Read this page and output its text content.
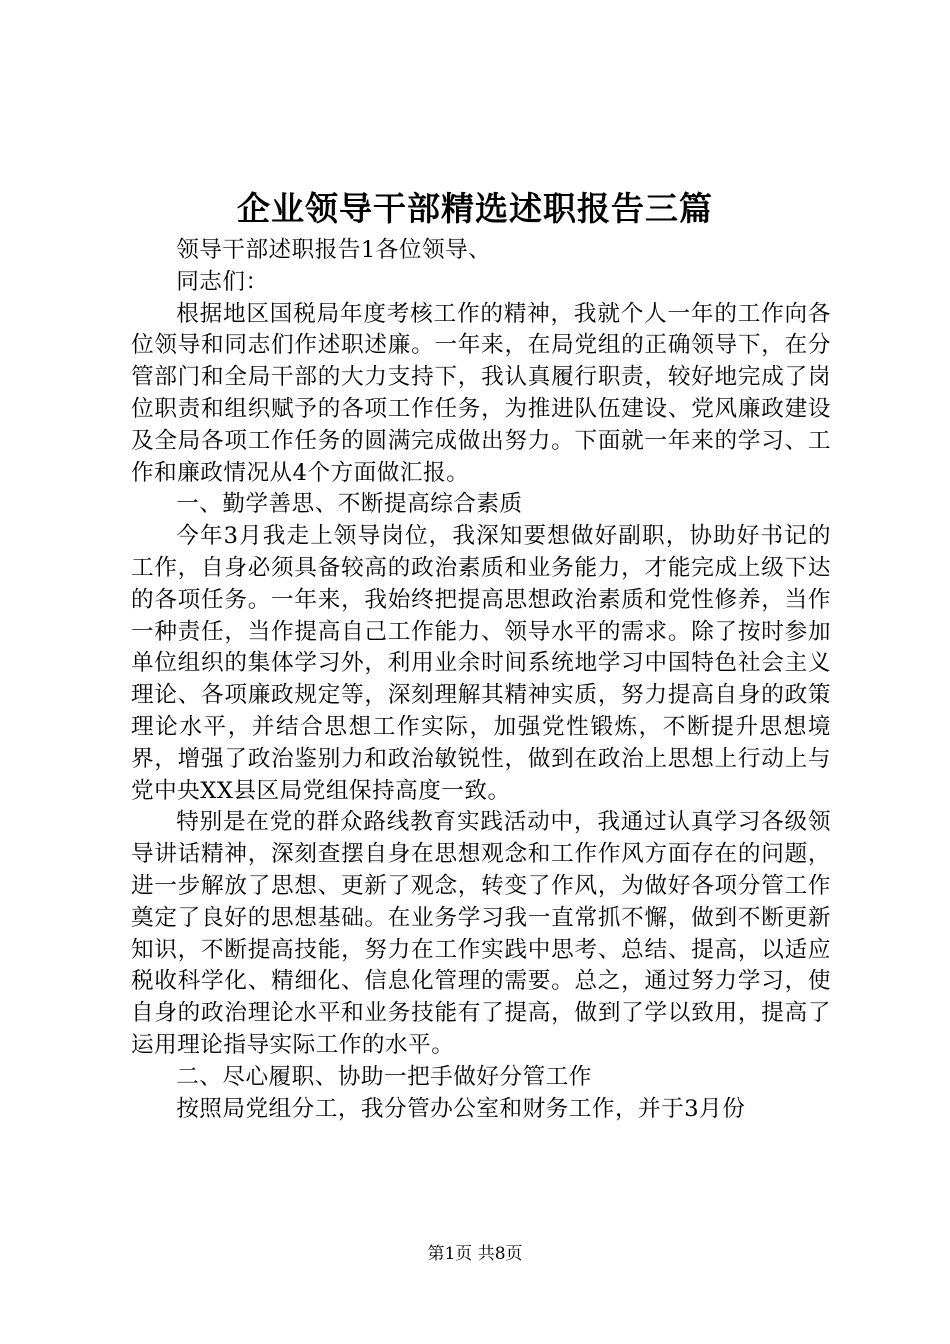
企业领导干部精选述职报告三篇

领导干部述职报告1各位领导、

同志们：

根据地区国税局年度考核工作的精神，我就个人一年的工作向各位领导和同志们作述职述廉。一年来，在局党组的正确领导下，在分管部门和全局干部的大力支持下，我认真履行职责，较好地完成了岗位职责和组织赋予的各项工作任务，为推进队伍建设、党风廉政建设及全局各项工作任务的圆满完成做出努力。下面就一年来的学习、工作和廉政情况从4个方面做汇报。

一、勤学善思、不断提高综合素质

今年3月我走上领导岗位，我深知要想做好副职，协助好书记的工作，自身必须具备较高的政治素质和业务能力，才能完成上级下达的各项任务。一年来，我始终把提高思想政治素质和党性修养，当作一种责任，当作提高自己工作能力、领导水平的需求。除了按时参加单位组织的集体学习外，利用业余时间系统地学习中国特色社会主义理论、各项廉政规定等，深刻理解其精神实质，努力提高自身的政策理论水平，并结合思想工作实际，加强党性锻炼，不断提升思想境界，增强了政治鉴别力和政治敏锐性，做到在政治上思想上行动上与党中央XX县区局党组保持高度一致。

特别是在党的群众路线教育实践活动中，我通过认真学习各级领导讲话精神，深刻查摆自身在思想观念和工作作风方面存在的问题，进一步解放了思想、更新了观念，转变了作风，为做好各项分管工作奠定了良好的思想基础。在业务学习我一直常抓不懈，做到不断更新知识，不断提高技能，努力在工作实践中思考、总结、提高，以适应税收科学化、精细化、信息化管理的需要。总之，通过努力学习，使自身的政治理论水平和业务技能有了提高，做到了学以致用，提高了运用理论指导实际工作的水平。

二、尽心履职、协助一把手做好分管工作

按照局党组分工，我分管办公室和财务工作，并于3月份

第1页 共8页
